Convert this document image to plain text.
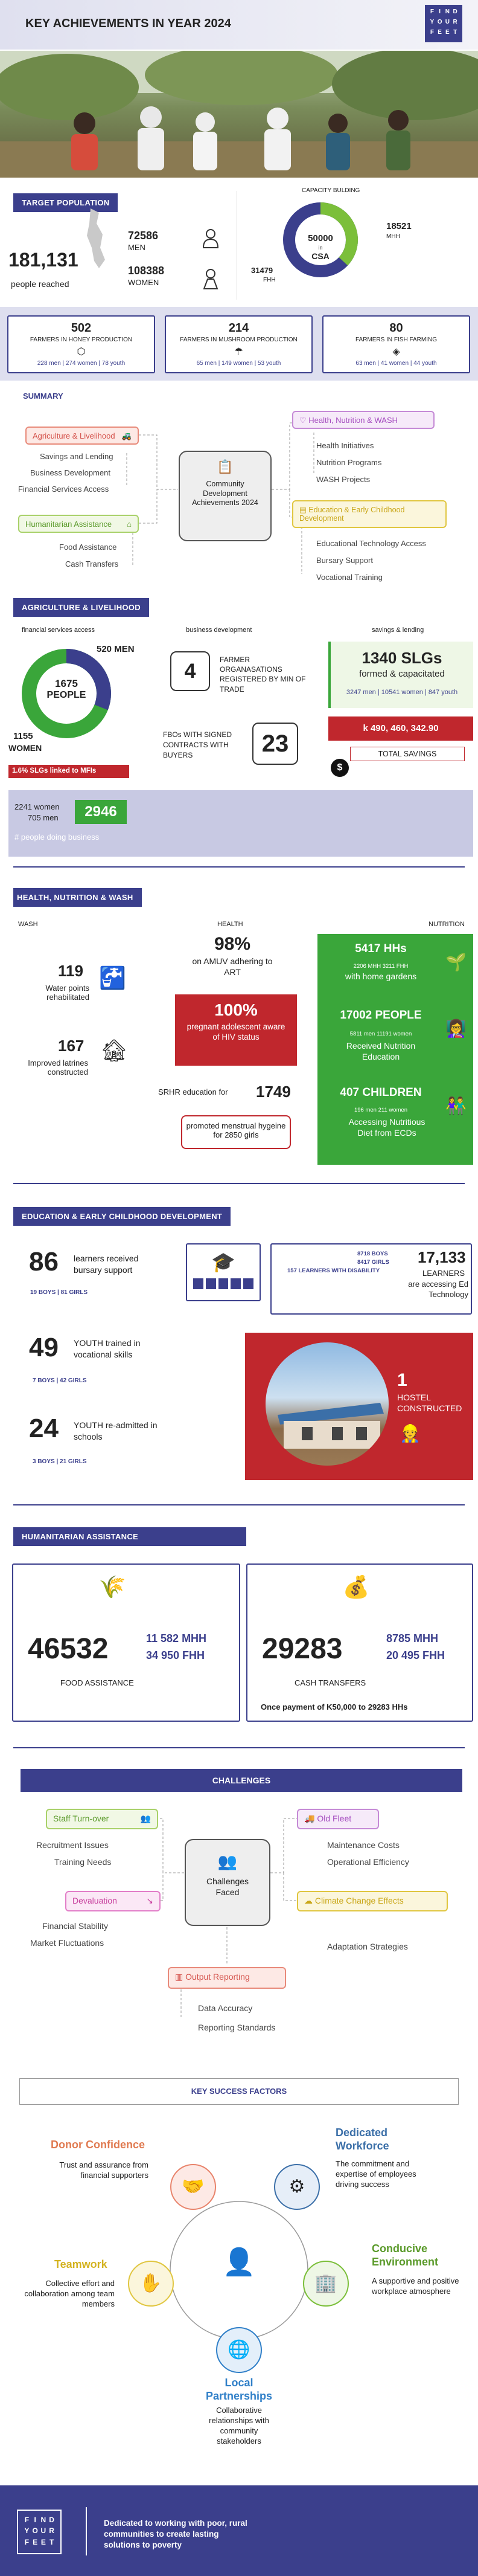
KEY ACHIEVEMENTS IN YEAR 2024
F I N D
Y O U R
F E E T
TARGET POPULATION
181,131
people reached
72586
MEN
108388
WOMEN
CAPACITY BULDING
50000
in
CSA
18521
MHH
31479
FHH
502
FARMERS IN HONEY PRODUCTION
⬡
228 men | 274 women | 78 youth
214
FARMERS IN MUSHROOM PRODUCTION
☂
65 men | 149 women | 53 youth
80
FARMERS IN FISH FARMING
◈
63 men | 41 women | 44 youth
SUMMARY
📋
Community Development Achievements 2024
Agriculture & Livelihood 🚜
Savings and Lending
Business Development
Financial Services Access
Humanitarian Assistance ⌂
Food Assistance
Cash Transfers
♡ Health, Nutrition & WASH
Health Initiatives
Nutrition Programs
WASH Projects
▤ Education & Early Childhood Development
Educational Technology Access
Bursary Support
Vocational Training
AGRICULTURE & LIVELIHOOD
financial services access	business development	savings & lending
1675
PEOPLE
520 MEN
1155
WOMEN
1.6% SLGs linked to MFIs
4	FARMER ORGANASATIONS REGISTERED BY MIN OF TRADE
FBOs WITH SIGNED CONTRACTS WITH BUYERS	23
1340 SLGs
formed & capacitated
3247 men | 10541 women | 847 youth
k 490, 460, 342.90
TOTAL SAVINGS
$
2241 women
705 men	2946
# people doing business
HEALTH, NUTRITION & WASH
WASH	HEALTH	NUTRITION
119
Water points rehabilitated
🚰
167
Improved latrines constructed
🏚
98%
on AMUV adhering to ART
100%
pregnant adolescent aware of HIV status
SRHR education for 1749
promoted menstrual hygeine for 2850 girls
5417 HHs
2206 MHH 3211 FHH
with home gardens
🌱
17002 PEOPLE
5811 men 11191 women
Received Nutrition Education
👩‍🏫
407 CHILDREN
196 men 211 women
Accessing Nutritious Diet from ECDs
👫
EDUCATION & EARLY CHILDHOOD DEVELOPMENT
86 learners received bursary support
19 BOYS | 81 GIRLS
🎓	8718 BOYS
8417 GIRLS
157 LEARNERS WITH DISABILITY
17,133
LEARNERS
are accessing Ed Technology
49 YOUTH trained in vocational skills
7 BOYS | 42 GIRLS
24 YOUTH re-admitted in schools
3 BOYS | 21 GIRLS
1
HOSTEL CONSTRUCTED
👷
HUMANITARIAN ASSISTANCE
🌾
46532	11 582 MHH
34 950 FHH
FOOD ASSISTANCE
💰
29283	8785 MHH
20 495 FHH
CASH TRANSFERS
Once payment of K50,000 to 29283 HHs
CHALLENGES
👥
Challenges Faced
Staff Turn-over	👥
Recruitment Issues
Training Needs
Devaluation	↘
Financial Stability
Market Fluctuations
🚚 Old Fleet
Maintenance Costs
Operational Efficiency
☁ Climate Change Effects
Adaptation Strategies
▥ Output Reporting
Data Accuracy
Reporting Standards
KEY SUCCESS FACTORS
👤
🤝
Donor Confidence
Trust and assurance from financial supporters
⚙
Dedicated Workforce
The commitment and expertise of employees driving success
✋
Teamwork
Collective effort and collaboration among team members
🏢
Conducive Environment
A supportive and positive workplace atmosphere
🌐
Local Partnerships
Collaborative relationships with community stakeholders
F I N D
Y O U R
F E E T
Dedicated to working with poor, rural communities to create lasting solutions to poverty
